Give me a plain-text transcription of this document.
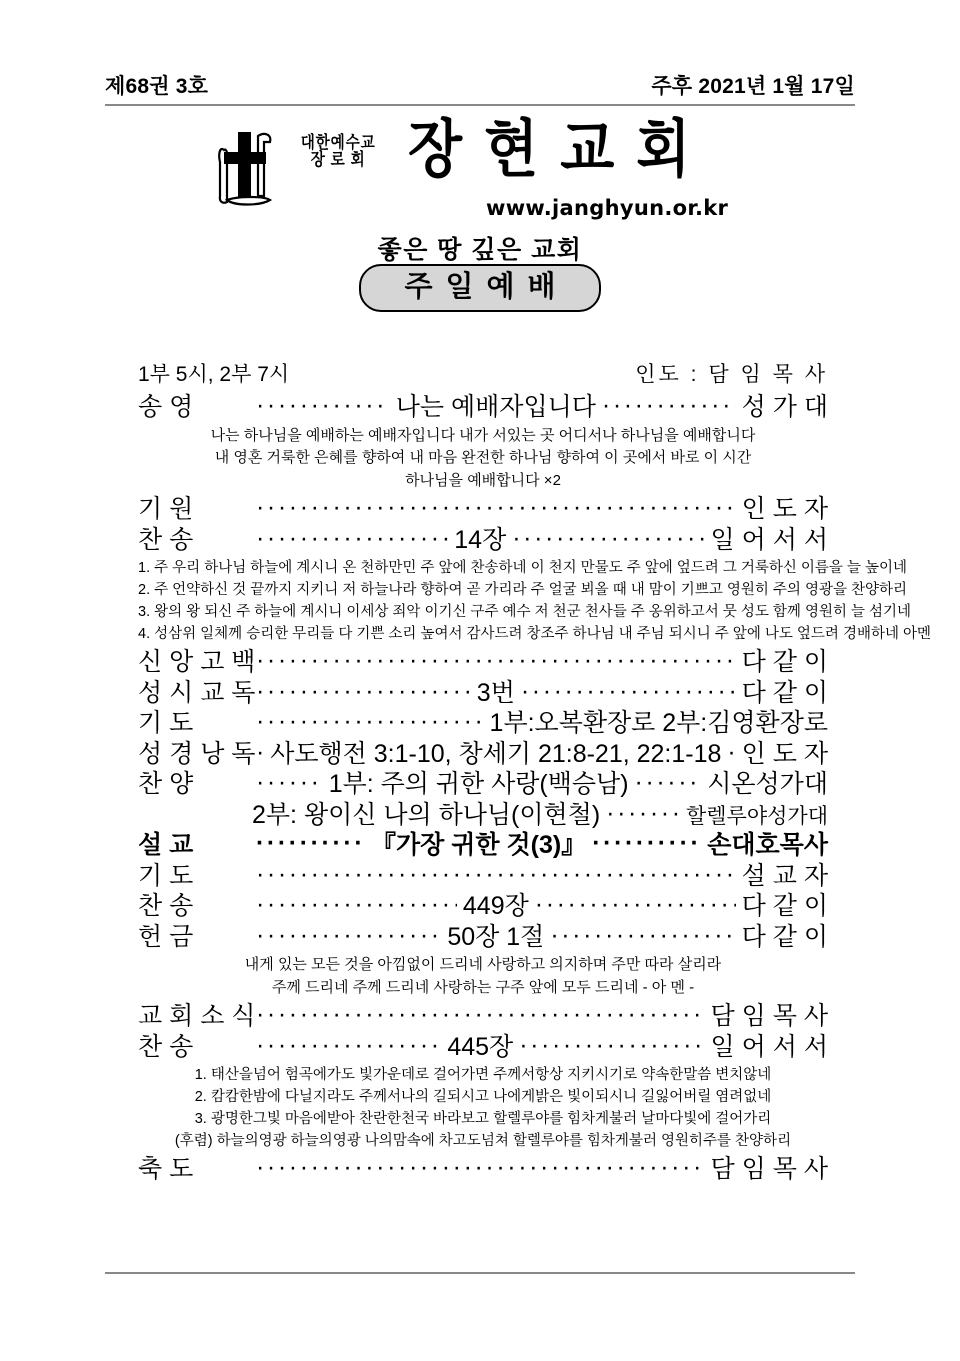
제68권 3호	주후 2021년 1월 17일
대한예수교
장 로 회 장현교회
www.janghyun.or.kr
좋은 땅 깊은 교회
주일예배
1부 5시, 2부 7시	인도 : 담 임 목 사
송 영 ·····	나는 예배자입니다 ·····	성 가 대
나는 하나님을 예배하는 예배자입니다 내가 서있는 곳 어디서나 하나님을 예배합니다
내 영혼 거룩한 은혜를 향하여 내 마음 완전한 하나님 향하여 이 곳에서 바로 이 시간
하나님을 예배합니다 ×2
기 원 ·····	인 도 자
찬 송 ·····	14장 ·····	일 어 서 서
1. 주 우리 하나님 하늘에 계시니 온 천하만민 주 앞에 찬송하네 이 천지 만물도 주 앞에 엎드려 그 거룩하신 이름을 늘 높이네
2. 주 언약하신 것 끝까지 지키니 저 하늘나라 향하여 곧 가리라 주 얼굴 뵈올 때 내 맘이 기쁘고 영원히 주의 영광을 찬양하리
3. 왕의 왕 되신 주 하늘에 계시니 이세상 죄악 이기신 구주 예수 저 천군 천사들 주 옹위하고서 뭇 성도 함께 영원히 늘 섬기네
4. 성삼위 일체께 승리한 무리들 다 기쁜 소리 높여서 감사드려 창조주 하나님 내 주님 되시니 주 앞에 나도 엎드려 경배하네 아멘
신 앙 고 백 ·····	다 같 이
성 시 교 독 ·····	3번 ·····	다 같 이
기 도 ·····	1부:오복환장로 2부:김영환장로
성 경 낭 독 ····· 사도행전 3:1-10, 창세기 21:8-21, 22:1-18 ····· 인 도 자
찬 양 ·····	1부: 주의 귀한 사랑(백승남) ·····	시온성가대
2부: 왕이신 나의 하나님(이현철) ·····	할렐루야성가대
설 교 ·····	『가장 귀한 것(3)』 ·····	손대호목사
기 도 ·····	설 교 자
찬 송 ·····	449장 ·····	다 같 이
헌 금 ·····	50장 1절 ·····	다 같 이
내게 있는 모든 것을 아낌없이 드리네 사랑하고 의지하며 주만 따라 살리라
주께 드리네 주께 드리네 사랑하는 구주 앞에 모두 드리네 - 아 멘 -
교 회 소 식 ·····	담 임 목 사
찬 송 ·····	445장 ·····	일 어 서 서
1. 태산을넘어 험곡에가도 빛가운데로 걸어가면 주께서항상 지키시기로 약속한말씀 변치않네
2. 캄캄한밤에 다닐지라도 주께서나의 길되시고 나에게밝은 빛이되시니 길잃어버릴 염려없네
3. 광명한그빛 마음에받아 찬란한천국 바라보고 할렐루야를 힘차게불러 날마다빛에 걸어가리
(후렴) 하늘의영광 하늘의영광 나의맘속에 차고도넘쳐 할렐루야를 힘차게불러 영원히주를 찬양하리
축 도 ·····	담 임 목 사
